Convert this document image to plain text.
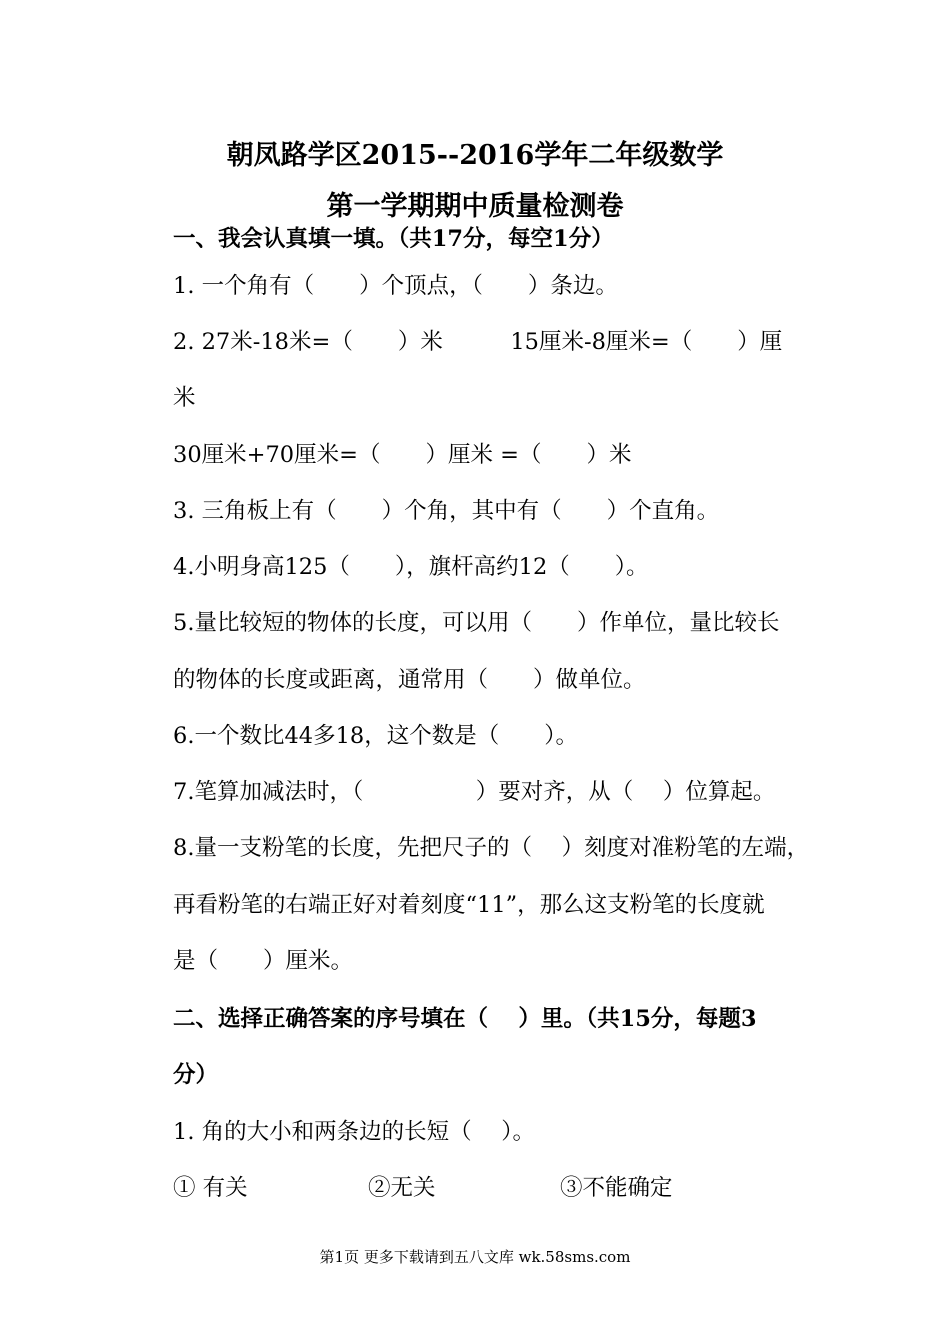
朝凤路学区2015--2016学年二年级数学
第一学期期中质量检测卷
一、我会认真填一填。（共17分，每空1分）
1. 一个角有（　　）个顶点，（　　）条边。
2. 27米-18米=（　　）米　　　15厘米-8厘米=（　　）厘
米
30厘米+70厘米=（　　）厘米 =（　　）米
3. 三角板上有（　　）个角，其中有（　　）个直角。
4.小明身高125（　　），旗杆高约12（　　）。
5.量比较短的物体的长度，可以用（　　）作单位，量比较长
的物体的长度或距离，通常用（　　）做单位。
6.一个数比44多18，这个数是（　　）。
7.笔算加减法时，（　　　　　）要对齐，从（　 ）位算起。
8.量一支粉笔的长度，先把尺子的（　 ）刻度对准粉笔的左端，
再看粉笔的右端正好对着刻度“11”，那么这支粉笔的长度就
是（　　）厘米。
二、选择正确答案的序号填在（　 ）里。（共15分，每题3
分）
1. 角的大小和两条边的长短（　 ）。
① 有关	②无关	③不能确定
第1页 更多下载请到五八文库 wk.58sms.com
